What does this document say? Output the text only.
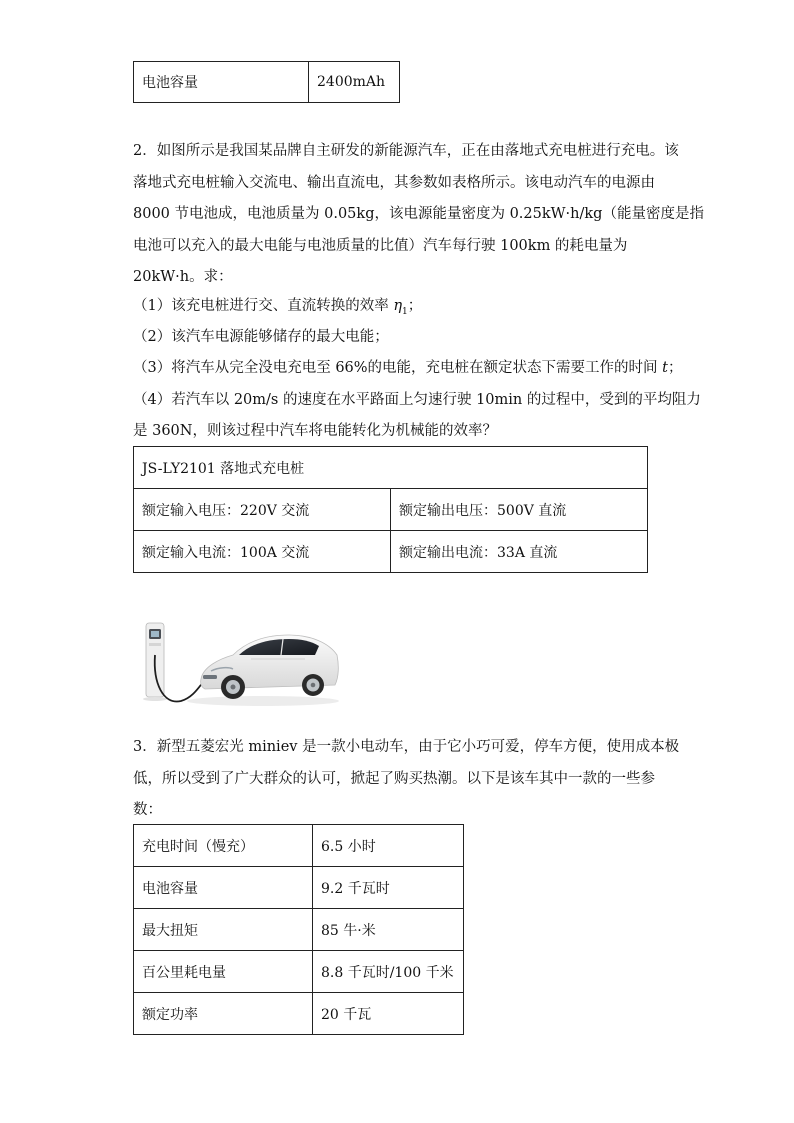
电池容量	2400mAh
2．如图所示是我国某品牌自主研发的新能源汽车，正在由落地式充电桩进行充电。该
落地式充电桩输入交流电、输出直流电，其参数如表格所示。该电动汽车的电源由
8000 节电池成，电池质量为 0.05kg，该电源能量密度为 0.25kW·h/kg（能量密度是指
电池可以充入的最大电能与电池质量的比值）汽车每行驶 100km 的耗电量为
20kW·h。求：
（1）该充电桩进行交、直流转换的效率 $\eta_1$；
（2）该汽车电源能够储存的最大电能；
（3）将汽车从完全没电充电至 66%的电能，充电桩在额定状态下需要工作的时间 t；
（4）若汽车以 20m/s 的速度在水平路面上匀速行驶 10min 的过程中，受到的平均阻力
是 360N，则该过程中汽车将电能转化为机械能的效率？
JS-LY2101 落地式充电桩	
额定输入电压：220V 交流	额定输出电压：500V 直流
额定输入电流：100A 交流	额定输出电流：33A 直流
3．新型五菱宏光 miniev 是一款小电动车，由于它小巧可爱，停车方便，使用成本极
低，所以受到了广大群众的认可，掀起了购买热潮。以下是该车其中一款的一些参
数：
充电时间（慢充）	6.5 小时
电池容量	9.2 千瓦时
最大扭矩	85 牛·米
百公里耗电量	8.8 千瓦时/100 千米
额定功率	20 千瓦
